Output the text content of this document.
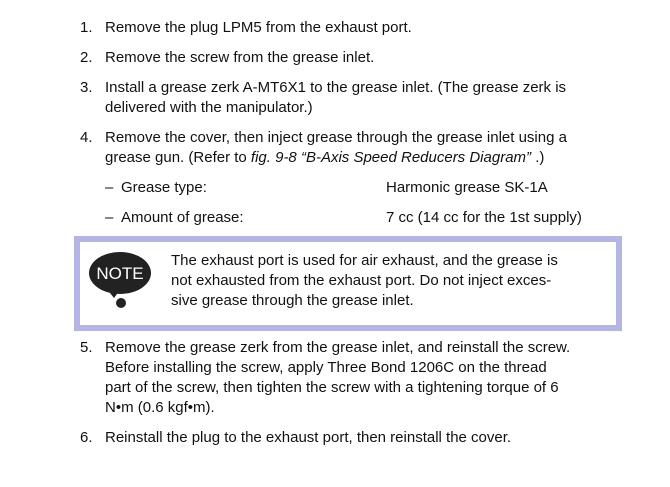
1. Remove the plug LPM5 from the exhaust port.
2. Remove the screw from the grease inlet.
3. Install a grease zerk A-MT6X1 to the grease inlet. (The grease zerk is
delivered with the manipulator.)
4. Remove the cover, then inject grease through the grease inlet using a
grease gun. (Refer to fig. 9-8 “B-Axis Speed Reducers Diagram” .)
– Grease type:	Harmonic grease SK-1A
– Amount of grease:	7 cc (14 cc for the 1st supply)
NOTE
The exhaust port is used for air exhaust, and the grease is
not exhausted from the exhaust port. Do not inject exces-
sive grease through the grease inlet.
5. Remove the grease zerk from the grease inlet, and reinstall the screw.
Before installing the screw, apply Three Bond 1206C on the thread
part of the screw, then tighten the screw with a tightening torque of 6
N•m (0.6 kgf•m).
6. Reinstall the plug to the exhaust port, then reinstall the cover.
